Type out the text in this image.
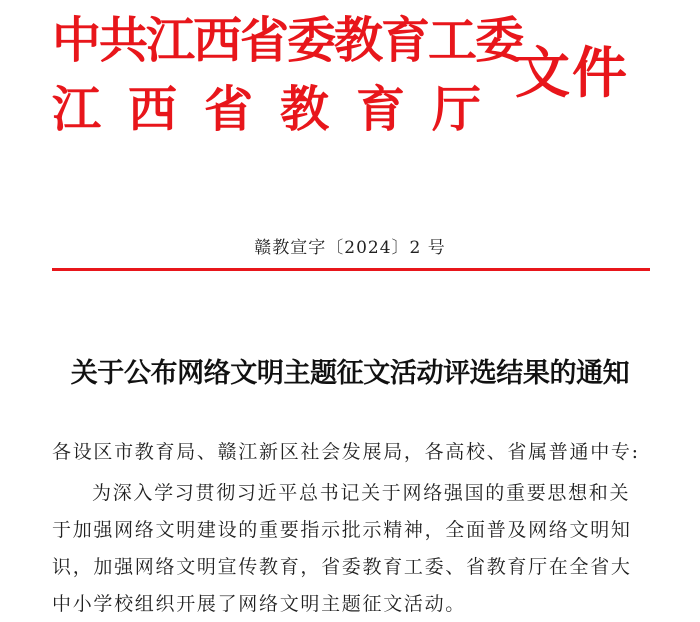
中共江西省委教育工委
江西省教育厅
文件
赣教宣字〔2024〕2 号
关于公布网络文明主题征文活动评选结果的通知
各设区市教育局、赣江新区社会发展局，各高校、省属普通中专:
为深入学习贯彻习近平总书记关于网络强国的重要思想和关
于加强网络文明建设的重要指示批示精神，全面普及网络文明知
识，加强网络文明宣传教育，省委教育工委、省教育厅在全省大
中小学校组织开展了网络文明主题征文活动。
